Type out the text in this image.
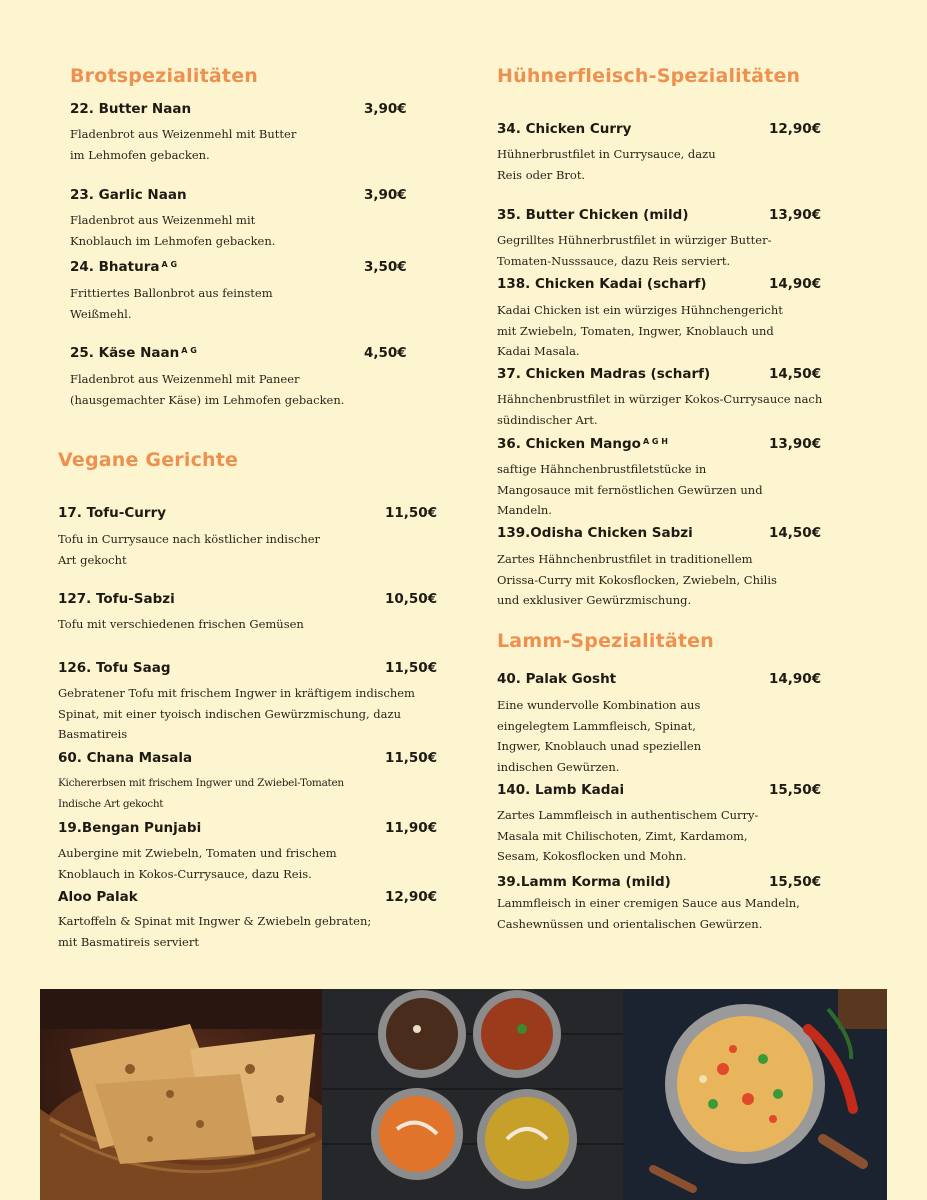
Brotspezialitäten
22. Butter Naan	3,90€
Fladenbrot aus Weizenmehl mit Butter
im Lehmofen gebacken.
23. Garlic Naan	3,90€
Fladenbrot aus Weizenmehl mit
Knoblauch im Lehmofen gebacken.
24. Bhatura $^{A G}$	3,50€
Frittiertes Ballonbrot aus feinstem
Weißmehl.
25. Käse Naan $^{A G}$	4,50€
Fladenbrot aus Weizenmehl mit Paneer
(hausgemachter Käse) im Lehmofen gebacken.
Vegane Gerichte
17. Tofu-Curry	11,50€
Tofu in Currysauce nach köstlicher indischer
Art gekocht
127. Tofu-Sabzi	10,50€
Tofu mit verschiedenen frischen Gemüsen
126. Tofu Saag	11,50€
Gebratener Tofu mit frischem Ingwer in kräftigem indischem
Spinat, mit einer tyoisch indischen Gewürzmischung, dazu
Basmatireis
60. Chana Masala	11,50€
Kichererbsen mit frischem Ingwer und Zwiebel-Tomaten
Indische Art gekocht
19.Bengan Punjabi	11,90€
Aubergine mit Zwiebeln, Tomaten und frischem
Knoblauch in Kokos-Currysauce, dazu Reis.
Aloo Palak	12,90€
Kartoffeln & Spinat mit Ingwer & Zwiebeln gebraten;
mit Basmatireis serviert
Hühnerfleisch-Spezialitäten
34. Chicken Curry	12,90€
Hühnerbrustfilet in Currysauce, dazu
Reis oder Brot.
35. Butter Chicken (mild)	13,90€
Gegrilltes Hühnerbrustfilet in würziger Butter-
Tomaten-Nusssauce, dazu Reis serviert.
138. Chicken Kadai (scharf)	14,90€
Kadai Chicken ist ein würziges Hühnchengericht
mit Zwiebeln, Tomaten, Ingwer, Knoblauch und
Kadai Masala.
37. Chicken Madras (scharf)	14,50€
Hähnchenbrustfilet in würziger Kokos-Currysauce nach
südindischer Art.
36. Chicken Mango $^{A G H}$	13,90€
saftige Hähnchenbrustfiletstücke in
Mangosauce mit fernöstlichen Gewürzen und
Mandeln.
139.Odisha Chicken Sabzi	14,50€
Zartes Hähnchenbrustfilet in traditionellem
Orissa-Curry mit Kokosflocken, Zwiebeln, Chilis
und exklusiver Gewürzmischung.
Lamm-Spezialitäten
40. Palak Gosht	14,90€
Eine wundervolle Kombination aus
eingelegtem Lammfleisch, Spinat,
Ingwer, Knoblauch unad speziellen
indischen Gewürzen.
140. Lamb Kadai	15,50€
Zartes Lammfleisch in authentischem Curry-
Masala mit Chilischoten, Zimt, Kardamom,
Sesam, Kokosflocken und Mohn.
39.Lamm Korma (mild)	15,50€
Lammfleisch in einer cremigen Sauce aus Mandeln,
Cashewnüssen und orientalischen Gewürzen.
